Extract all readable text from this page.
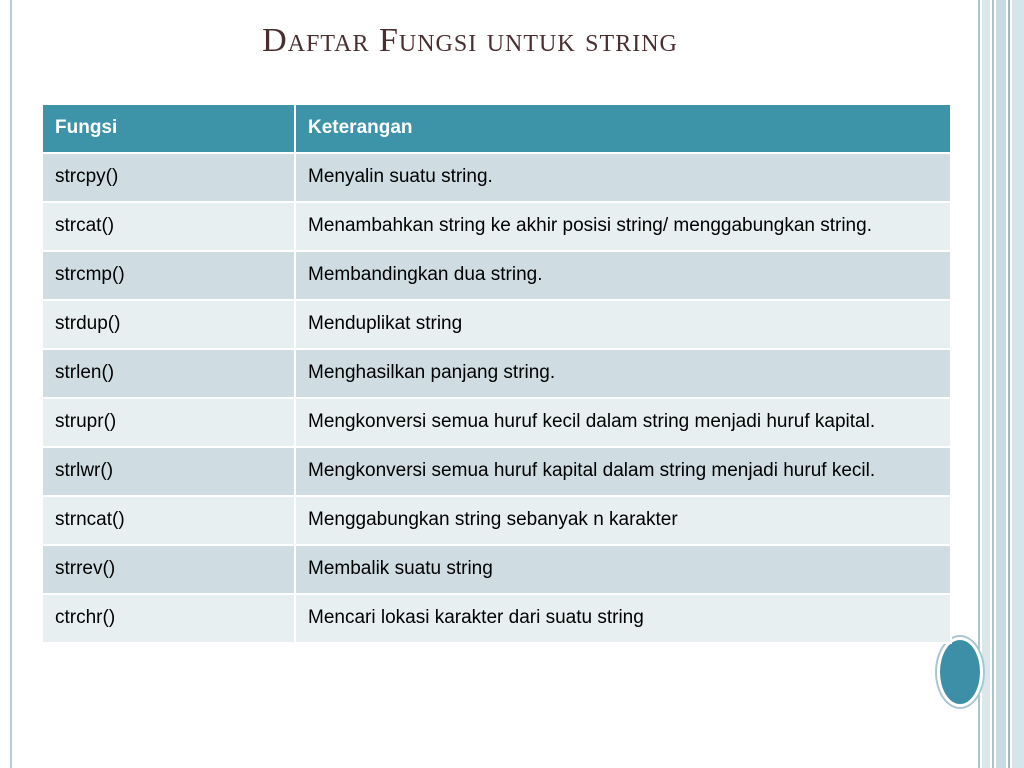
Daftar Fungsi untuk string
Fungsi	Keterangan
strcpy()	Menyalin suatu string.
strcat()	Menambahkan string ke akhir posisi string/ menggabungkan string.
strcmp()	Membandingkan dua string.
strdup()	Menduplikat string
strlen()	Menghasilkan panjang string.
strupr()	Mengkonversi semua huruf kecil dalam string menjadi huruf kapital.
strlwr()	Mengkonversi semua huruf kapital dalam string menjadi huruf kecil.
strncat()	Menggabungkan string sebanyak n karakter
strrev()	Membalik suatu string
ctrchr()	Mencari lokasi karakter dari suatu string
